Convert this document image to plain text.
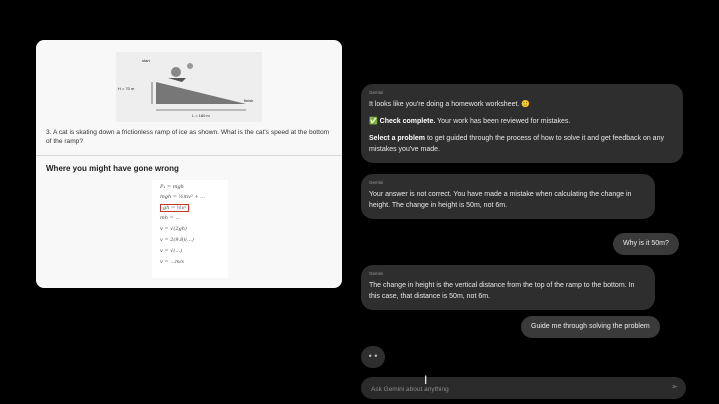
start
H = 70 m
finish
L = 160 m
3. A cat is skating down a frictionless ramp of ice as shown. What is the cat's speed at the bottom of the ramp?
Where you might have gone wrong
P₁ = mgh
mgh = ½mv² + ...
gh = ½v²
mh = ...
v = √(2gh)
v = 2(9.8)(...)
v = √(...)
v = ...m/s
Gemini

It looks like you're doing a homework worksheet. 🙂

✅ Check complete. Your work has been reviewed for mistakes.

Select a problem to get guided through the process of how to solve it and get feedback on any mistakes you've made.

Gemini

Your answer is not correct. You have made a mistake when calculating the change in height. The change in height is 50m, not 6m.

Why is it 50m?
Gemini

The change in height is the vertical distance from the top of the ramp to the bottom. In this case, that distance is 50m, not 6m.

Guide me through solving the problem
• •
Ask Gemini about anything
➢
I
